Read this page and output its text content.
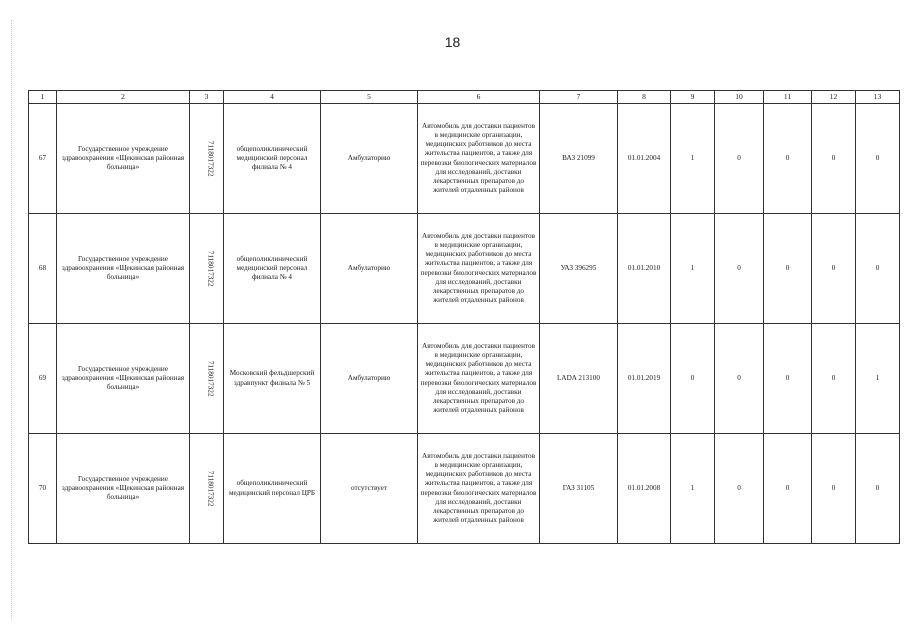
18
1	2	3	4	5	6	7	8	9	10	11	12	13
67	Государственное учреждение здравоохранения «Щекинская районная больница»	7118017322	общеполиклинический медицинский персонал филиала № 4	Амбулаторию	Автомобиль для доставки пациентов в медицинские организации, медицинских работников до места жительства пациентов, а также для перевозки биологических материалов для исследований, доставки лекарственных препаратов до жителей отдаленных районов	ВАЗ 21099	01.01.2004	1	0	0	0	0
68	Государственное учреждение здравоохранения «Щекинская районная больница»	7118017322	общеполиклинический медицинский персонал филиала № 4	Амбулаторию	Автомобиль для доставки пациентов в медицинские организации, медицинских работников до места жительства пациентов, а также для перевозки биологических материалов для исследований, доставки лекарственных препаратов до жителей отдаленных районов	УАЗ 396295	01.01.2010	1	0	0	0	0
69	Государственное учреждение здравоохранения «Щекинская районная больница»	7118017322	Московский фельдшерский здравпункт филиала № 5	Амбулаторию	Автомобиль для доставки пациентов в медицинские организации, медицинских работников до места жительства пациентов, а также для перевозки биологических материалов для исследований, доставки лекарственных препаратов до жителей отдаленных районов	LADA 213100	01.01.2019	0	0	0	0	1
70	Государственное учреждение здравоохранения «Щекинская районная больница»	7118017322	общеполиклинический медицинский персонал ЦРБ	отсутствует	Автомобиль для доставки пациентов в медицинские организации, медицинских работников до места жительства пациентов, а также для перевозки биологических материалов для исследований, доставки лекарственных препаратов до жителей отдаленных районов	ГАЗ 31105	01.01.2008	1	0	0	0	0
